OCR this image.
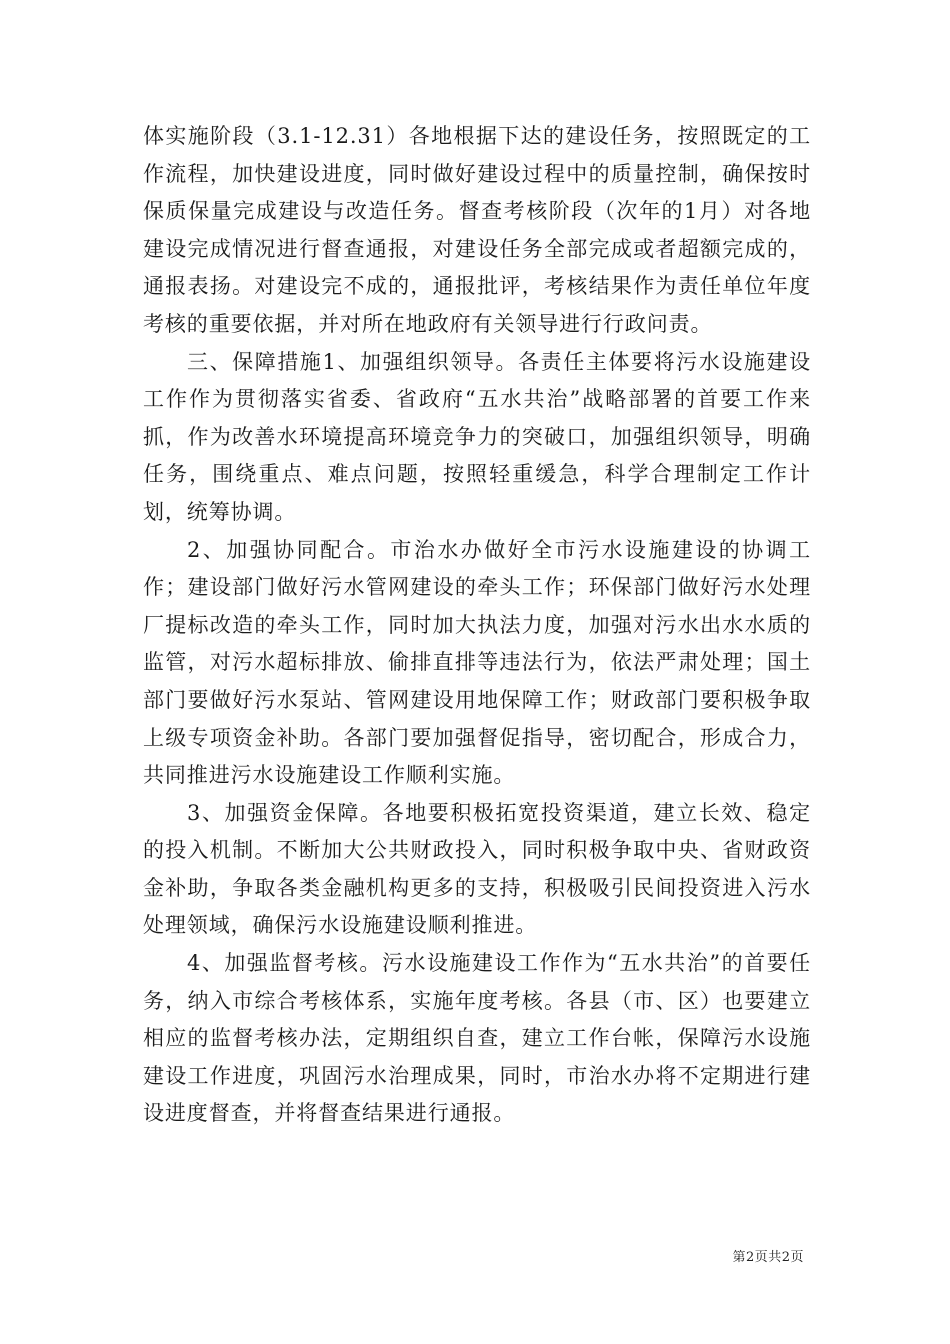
体实施阶段（3.1-12.31）各地根据下达的建设任务，按照既定的工作流程，加快建设进度，同时做好建设过程中的质量控制，确保按时保质保量完成建设与改造任务。督查考核阶段（次年的1月）对各地建设完成情况进行督查通报，对建设任务全部完成或者超额完成的，通报表扬。对建设完不成的，通报批评，考核结果作为责任单位年度考核的重要依据，并对所在地政府有关领导进行行政问责。

三、保障措施1、加强组织领导。各责任主体要将污水设施建设工作作为贯彻落实省委、省政府“五水共治”战略部署的首要工作来抓，作为改善水环境提高环境竞争力的突破口，加强组织领导，明确任务，围绕重点、难点问题，按照轻重缓急，科学合理制定工作计划，统筹协调。

2、加强协同配合。市治水办做好全市污水设施建设的协调工作；建设部门做好污水管网建设的牵头工作；环保部门做好污水处理厂提标改造的牵头工作，同时加大执法力度，加强对污水出水水质的监管，对污水超标排放、偷排直排等违法行为，依法严肃处理；国土部门要做好污水泵站、管网建设用地保障工作；财政部门要积极争取上级专项资金补助。各部门要加强督促指导，密切配合，形成合力，共同推进污水设施建设工作顺利实施。

3、加强资金保障。各地要积极拓宽投资渠道，建立长效、稳定的投入机制。不断加大公共财政投入，同时积极争取中央、省财政资金补助，争取各类金融机构更多的支持，积极吸引民间投资进入污水处理领域，确保污水设施建设顺利推进。

4、加强监督考核。污水设施建设工作作为“五水共治”的首要任务，纳入市综合考核体系，实施年度考核。各县（市、区）也要建立相应的监督考核办法，定期组织自查，建立工作台帐，保障污水设施建设工作进度，巩固污水治理成果，同时，市治水办将不定期进行建设进度督查，并将督查结果进行通报。

第2页共2页
